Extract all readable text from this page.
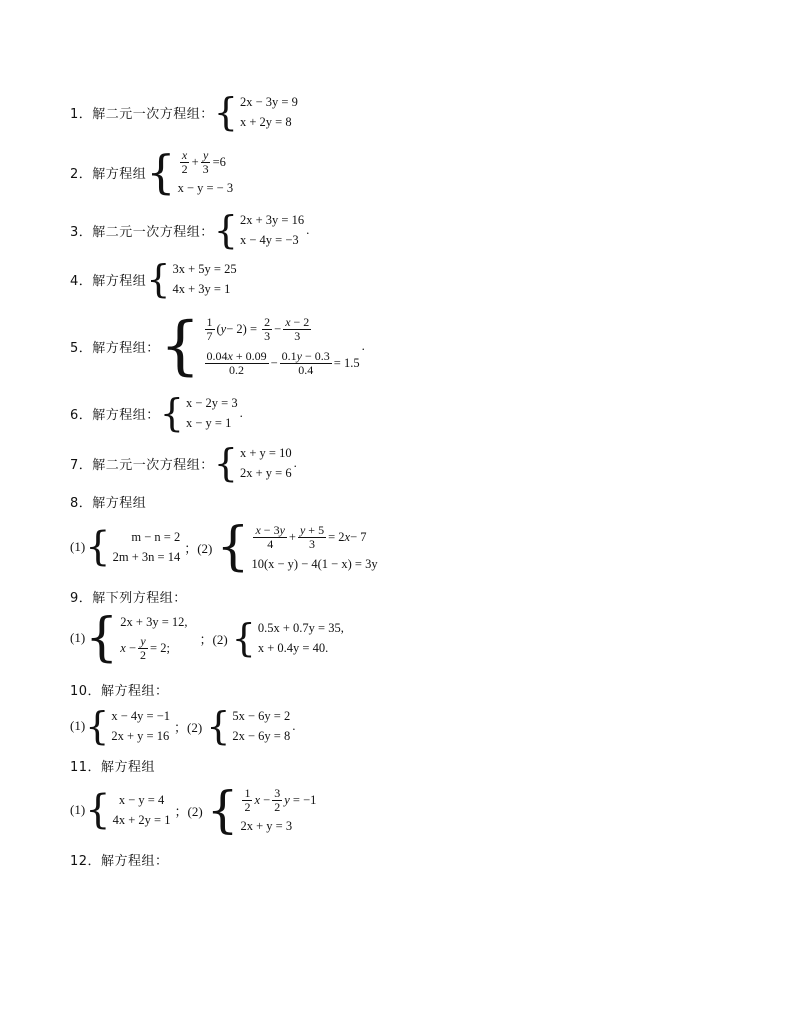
1．解二元一次方程组： { 2x − 3y = 9
x + 2y = 8
2．解方程组 { $\frac{x}{2} + \frac{y}{3} =6$
x − y = − 3
3．解二元一次方程组： { 2x + 3y = 16
x − 4y = −3
.
4．解方程组 { 3x + 5y = 25
4x + 3y = 1
5．解方程组： { $\frac{1}{7}$ ( $y - 2) = \frac{2}{3} - \frac{x - 2}{3}$
$\frac{0.04x + 0.09}{0.2} - \frac{0.1y - 0.3}{0.4} = 1.5$
.
6．解方程组： { x − 2y = 3
x − y = 1
.
7．解二元一次方程组： { x + y = 10
2x + y = 6
.
8．解方程组
(1) {	m − n = 2
2m + 3n = 14
；(2) { $\frac{x - 3y}{4} + \frac{y + 5}{3} = 2$ x − 7
10(x − y) − 4(1 − x) = 3y
9．解下列方程组：
(1) { 2x + 3y = 12,
$x - \frac{y}{2} = 2$;
；(2) { 0.5x + 0.7y = 35,
x + 0.4y = 40.
10．解方程组：
(1) { x − 4y = −1
2x + y = 16
；(2) { 5x − 6y = 2
2x − 6y = 8
.
11．解方程组
(1) { x − y = 4
4x + 2y = 1
；(2) { $\frac{1}{2}$ $x - \frac{3}{2}$ y = −1
2x + y = 3
12．解方程组：
